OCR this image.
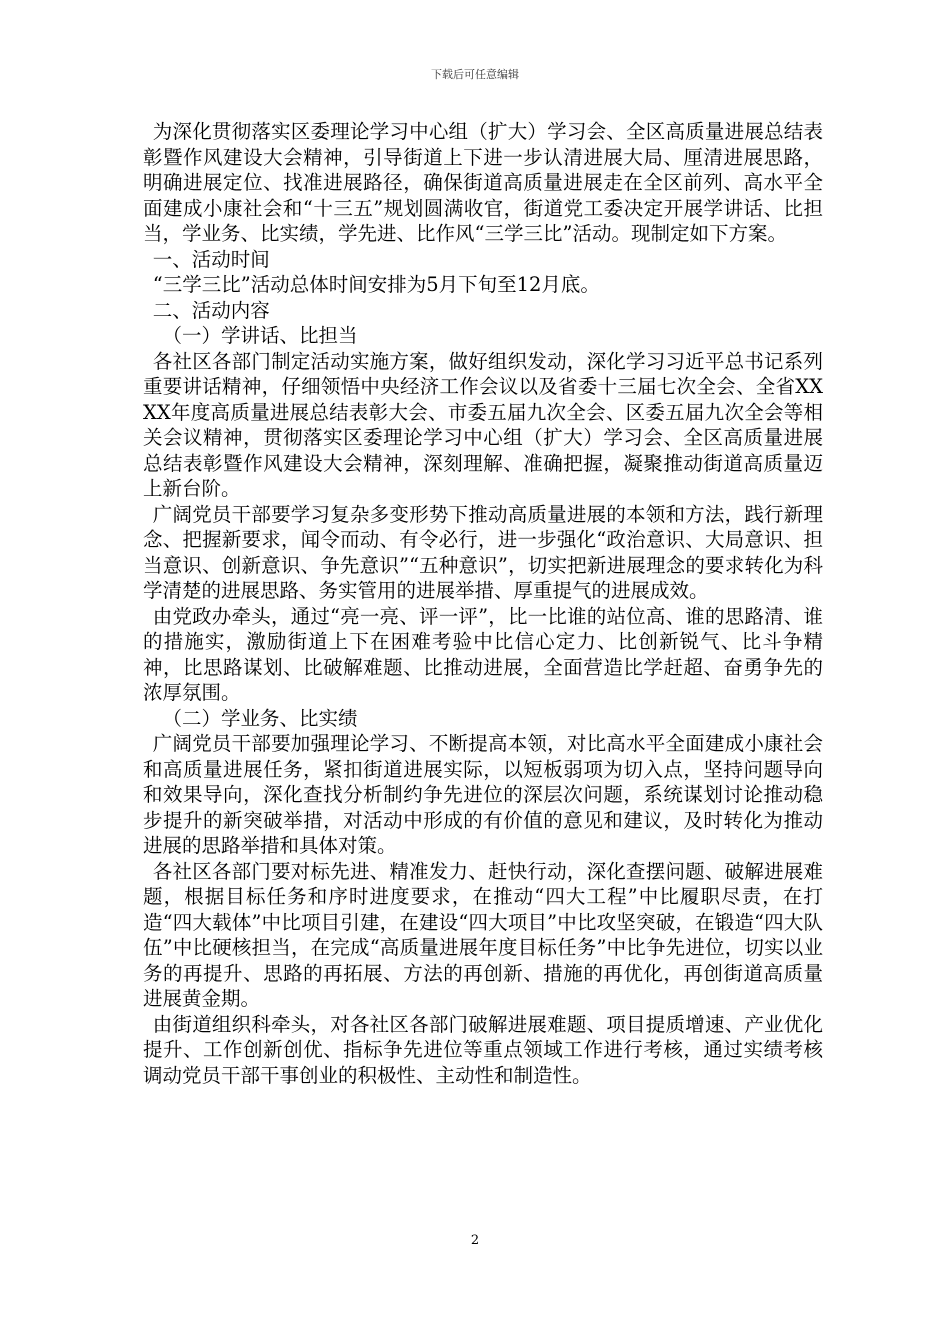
下载后可任意编辑

为深化贯彻落实区委理论学习中心组（扩大）学习会、全区高质量进展总结表彰暨作风建设大会精神，引导街道上下进一步认清进展大局、厘清进展思路，明确进展定位、找准进展路径，确保街道高质量进展走在全区前列、高水平全面建成小康社会和“十三五”规划圆满收官，街道党工委决定开展学讲话、比担当，学业务、比实绩，学先进、比作风“三学三比”活动。现制定如下方案。

一、活动时间

“三学三比”活动总体时间安排为5月下旬至12月底。

二、活动内容

（一）学讲话、比担当

各社区各部门制定活动实施方案，做好组织发动，深化学习习近平总书记系列重要讲话精神，仔细领悟中央经济工作会议以及省委十三届七次全会、全省XXXX年度高质量进展总结表彰大会、市委五届九次全会、区委五届九次全会等相关会议精神，贯彻落实区委理论学习中心组（扩大）学习会、全区高质量进展总结表彰暨作风建设大会精神，深刻理解、准确把握，凝聚推动街道高质量迈上新台阶。

广阔党员干部要学习复杂多变形势下推动高质量进展的本领和方法，践行新理念、把握新要求，闻令而动、有令必行，进一步强化“政治意识、大局意识、担当意识、创新意识、争先意识”“五种意识”，切实把新进展理念的要求转化为科学清楚的进展思路、务实管用的进展举措、厚重提气的进展成效。

由党政办牵头，通过“亮一亮、评一评”，比一比谁的站位高、谁的思路清、谁的措施实，激励街道上下在困难考验中比信心定力、比创新锐气、比斗争精神，比思路谋划、比破解难题、比推动进展，全面营造比学赶超、奋勇争先的浓厚氛围。

（二）学业务、比实绩

广阔党员干部要加强理论学习、不断提高本领，对比高水平全面建成小康社会和高质量进展任务，紧扣街道进展实际，以短板弱项为切入点，坚持问题导向和效果导向，深化查找分析制约争先进位的深层次问题，系统谋划讨论推动稳步提升的新突破举措，对活动中形成的有价值的意见和建议，及时转化为推动进展的思路举措和具体对策。

各社区各部门要对标先进、精准发力、赶快行动，深化查摆问题、破解进展难题，根据目标任务和序时进度要求，在推动“四大工程”中比履职尽责，在打造“四大载体”中比项目引建，在建设“四大项目”中比攻坚突破，在锻造“四大队伍”中比硬核担当，在完成“高质量进展年度目标任务”中比争先进位，切实以业务的再提升、思路的再拓展、方法的再创新、措施的再优化，再创街道高质量进展黄金期。

由街道组织科牵头，对各社区各部门破解进展难题、项目提质增速、产业优化提升、工作创新创优、指标争先进位等重点领域工作进行考核，通过实绩考核调动党员干部干事创业的积极性、主动性和制造性。

2
